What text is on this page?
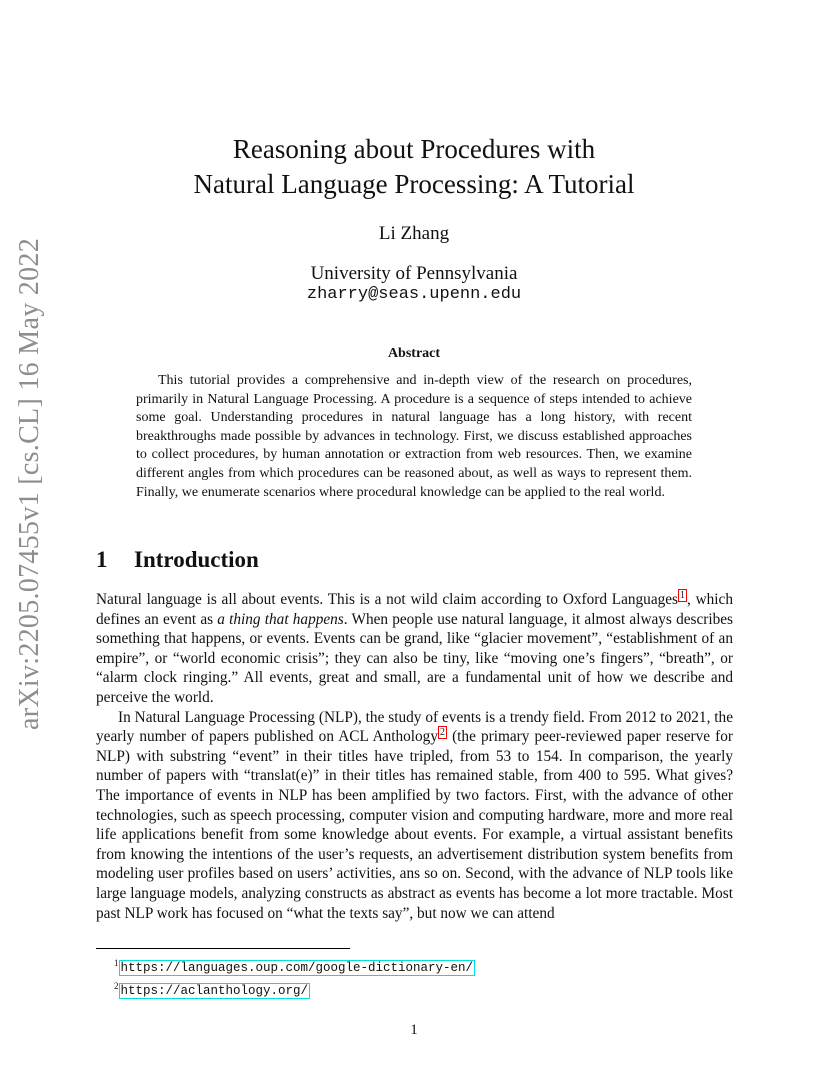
arXiv:2205.07455v1 [cs.CL] 16 May 2022
Reasoning about Procedures with
Natural Language Processing: A Tutorial
Li Zhang
University of Pennsylvania
zharry@seas.upenn.edu
Abstract
This tutorial provides a comprehensive and in-depth view of the research on procedures, primarily in Natural Language Processing. A procedure is a sequence of steps intended to achieve some goal. Understanding procedures in natural language has a long history, with recent breakthroughs made possible by advances in technology. First, we discuss established approaches to collect procedures, by human annotation or extraction from web resources. Then, we examine different angles from which procedures can be reasoned about, as well as ways to represent them. Finally, we enumerate scenarios where procedural knowledge can be applied to the real world.
1 Introduction

Natural language is all about events. This is a not wild claim according to Oxford Languages $^1$ , which defines an event as a thing that happens. When people use natural language, it almost always describes something that happens, or events. Events can be grand, like “glacier movement”, “establishment of an empire”, or “world economic crisis”; they can also be tiny, like “moving one’s fingers”, “breath”, or “alarm clock ringing.” All events, great and small, are a fundamental unit of how we describe and perceive the world.

In Natural Language Processing (NLP), the study of events is a trendy field. From 2012 to 2021, the yearly number of papers published on ACL Anthology $^2$ (the primary peer-reviewed paper reserve for NLP) with substring “event” in their titles have tripled, from 53 to 154. In comparison, the yearly number of papers with “translat(e)” in their titles has remained stable, from 400 to 595. What gives? The importance of events in NLP has been amplified by two factors. First, with the advance of other technologies, such as speech processing, computer vision and computing hardware, more and more real life applications benefit from some knowledge about events. For example, a virtual assistant benefits from knowing the intentions of the user’s requests, an advertisement distribution system benefits from modeling user profiles based on users’ activities, ans so on. Second, with the advance of NLP tools like large language models, analyzing constructs as abstract as events has become a lot more tractable. Most past NLP work has focused on “what the texts say”, but now we can attend

$^1$ https://languages.oup.com/google-dictionary-en/
$^2$ https://aclanthology.org/
1
